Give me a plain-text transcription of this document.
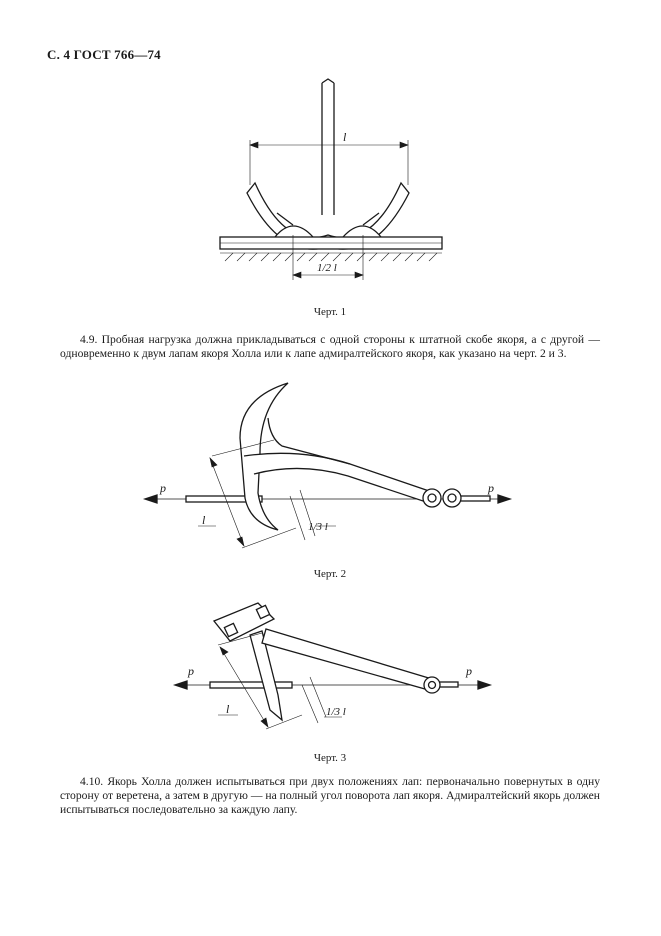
С. 4 ГОСТ 766—74
l
1/2 l
Черт. 1
4.9. Пробная нагрузка должна прикладываться с одной стороны к штатной скобе якоря, а с другой — одновременно к двум лапам якоря Холла или к лапе адмиралтейского якоря, как указано на черт. 2 и 3.
p	p
l	1/3 l
Черт. 2
p	p
l	1/3 l
Черт. 3
4.10. Якорь Холла должен испытываться при двух положениях лап: первоначально повернутых в одну сторону от веретена, а затем в другую — на полный угол поворота лап якоря. Адмиралтейский якорь должен испытываться последовательно за каждую лапу.
